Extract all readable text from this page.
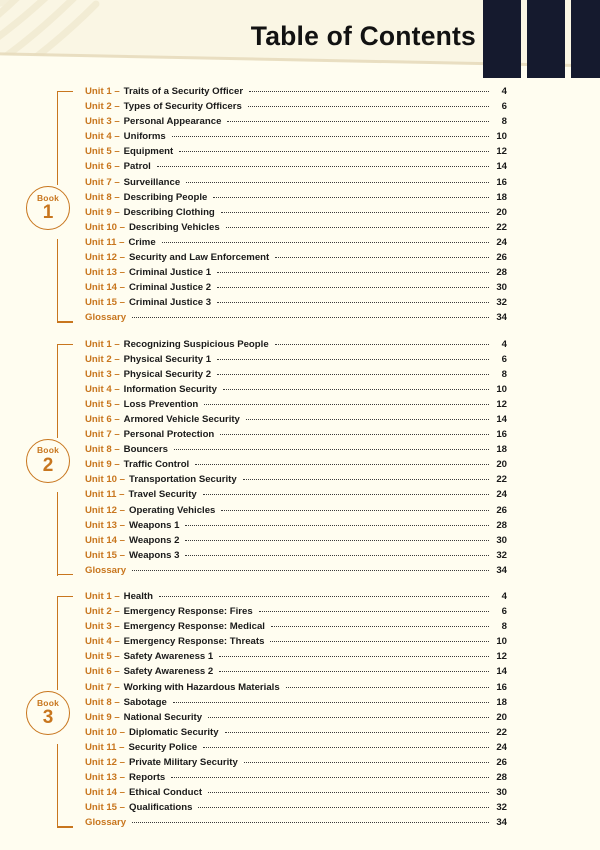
Table of Contents
Unit 1 – Traits of a Security Officer	4
Unit 2 – Types of Security Officers	6
Unit 3 – Personal Appearance	8
Unit 4 – Uniforms	10
Unit 5 – Equipment	12
Unit 6 – Patrol	14
Unit 7 – Surveillance	16
Unit 8 – Describing People	18
Unit 9 – Describing Clothing	20
Unit 10 – Describing Vehicles	22
Unit 11 – Crime	24
Unit 12 – Security and Law Enforcement	26
Unit 13 – Criminal Justice 1	28
Unit 14 – Criminal Justice 2	30
Unit 15 – Criminal Justice 3	32
Glossary	34
Book
1
Unit 1 – Recognizing Suspicious People	4
Unit 2 – Physical Security 1	6
Unit 3 – Physical Security 2	8
Unit 4 – Information Security	10
Unit 5 – Loss Prevention	12
Unit 6 – Armored Vehicle Security	14
Unit 7 – Personal Protection	16
Unit 8 – Bouncers	18
Unit 9 – Traffic Control	20
Unit 10 – Transportation Security	22
Unit 11 – Travel Security	24
Unit 12 – Operating Vehicles	26
Unit 13 – Weapons 1	28
Unit 14 – Weapons 2	30
Unit 15 – Weapons 3	32
Glossary	34
Book
2
Unit 1 – Health	4
Unit 2 – Emergency Response: Fires	6
Unit 3 – Emergency Response: Medical	8
Unit 4 – Emergency Response: Threats	10
Unit 5 – Safety Awareness 1	12
Unit 6 – Safety Awareness 2	14
Unit 7 – Working with Hazardous Materials	16
Unit 8 – Sabotage	18
Unit 9 – National Security	20
Unit 10 – Diplomatic Security	22
Unit 11 – Security Police	24
Unit 12 – Private Military Security	26
Unit 13 – Reports	28
Unit 14 – Ethical Conduct	30
Unit 15 – Qualifications	32
Glossary	34
Book
3
